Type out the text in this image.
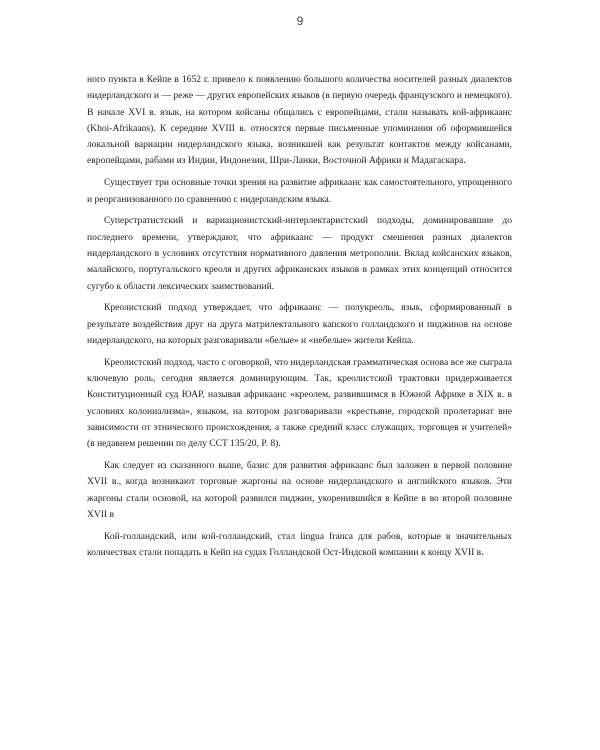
9

ного пункта в Кейпе в 1652 г. привело к появлению большого количества носителей разных диалектов нидерландского и — реже — других европейских языков (в первую очередь французского и немецкого). В начале XVI в. язык, на котором койсаны общались с европейцами, стали называть кой-африкаанс (Khoi-Afrikaans). К середине XVIII в. относятся первые письменные упоминания об оформившейся локальной вариации нидерландского языка, возникшей как результат контактов между койсанами, европейцами, рабами из Индии, Индонезии, Шри-Ланки, Восточной Африки и Мадагаскара.

Существует три основные точки зрения на развитие африкаанс как самостоятельного, упрощенного и реорганизованного по сравнению с нидерландским языка.

Суперстратистский и вариационистский-интерлектаристский подходы, доминировавшие до последнего времени, утверждают, что африкаанс — продукт смешения разных диалектов нидерландского в условиях отсутствия нормативного давления метрополии. Вклад койсанских языков, малайского, португальского креоля и других африканских языков в рамках этих концепций относится сугубо к области лексических заимствований.

Креолистский подход утверждает, что африкаанс — полукреоль, язык, сформированный в результате воздействия друг на друга матрилектального капского голландского и пиджинов на основе нидерландского, на которых разговаривали «белые» и «небелые» жители Кейпа.

Креолистский подход, часто с оговоркой, что нидерландская грамматическая основа все же сыграла ключевую роль, сегодня является доминирующим. Так, креолистской трактовки придерживается Конституционный суд ЮАР, называя африкаанс «креолем, развившимся в Южной Африке в XIX в. в условиях колониализма», языком, на котором разговаривали «крестьяне, городской пролетариат вне зависимости от этнического происхождения, а также средний класс служащих, торговцев и учителей» (в недавнем решении по делу CCT 135/20, P. 8).

Как следует из сказанного выше, базис для развития африкаанс был заложен в первой половине XVII в., когда возникают торговые жаргоны на основе нидерландского и английского языков. Эти жаргоны стали основой, на которой развился пиджин, укоренившийся в Кейпе в во второй половине XVII в

Кой-голландский, или кой-голландский, стал lingua franca для рабов, которые в значительных количествах стали попадать в Кейп на судах Голландской Ост-Индской компании к концу XVII в.
